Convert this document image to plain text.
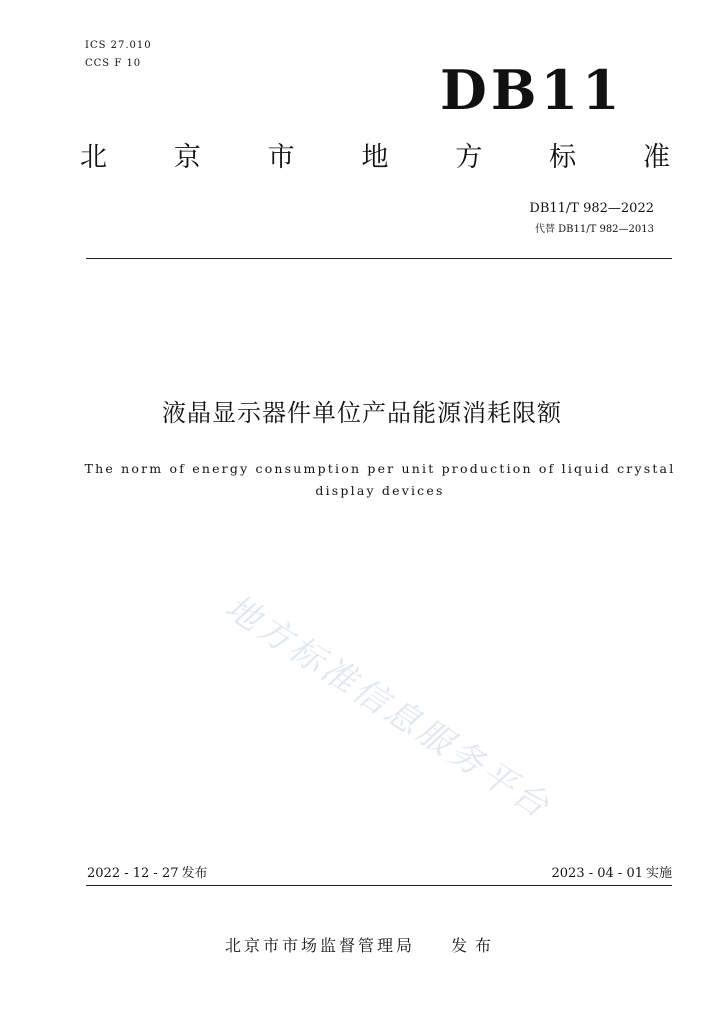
ICS 27.010
CCS F 10	DB11
北 京 市 地 方 标 准
DB11/T 982—2022
代替 DB11/T 982—2013
液晶显示器件单位产品能源消耗限额
The norm of energy consumption per unit production of liquid crystal display devices
地方标准信息服务平台
2022 - 12 - 27 发布	2023 - 04 - 01 实施
北京市市场监督管理局 发布
